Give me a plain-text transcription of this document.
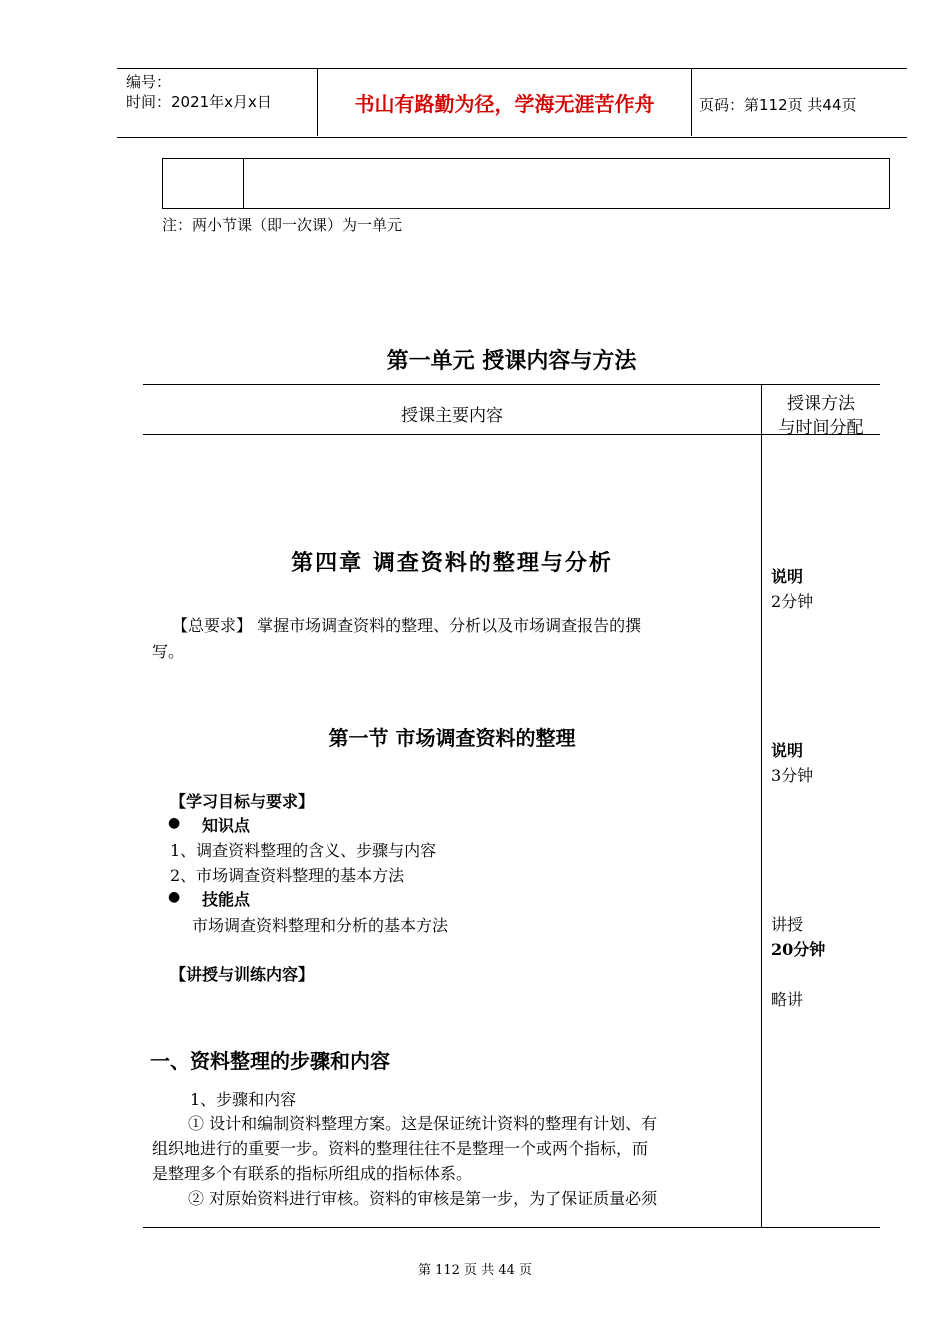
编号：
时间：2021年x月x日	书山有路勤为径，学海无涯苦作舟	页码：第112页 共44页
注：两小节课（即一次课）为一单元
第一单元 授课内容与方法
授课主要内容
授课方法
与时间分配
第四章 调查资料的整理与分析
【总要求】 掌握市场调查资料的整理、分析以及市场调查报告的撰
写。
第一节 市场调查资料的整理
【学习目标与要求】
● 知识点
1、调查资料整理的含义、步骤与内容
2、市场调查资料整理的基本方法
● 技能点
市场调查资料整理和分析的基本方法
【讲授与训练内容】
一、资料整理的步骤和内容
1、步骤和内容
① 设计和编制资料整理方案。这是保证统计资料的整理有计划、有
组织地进行的重要一步。资料的整理往往不是整理一个或两个指标，而
是整理多个有联系的指标所组成的指标体系。
② 对原始资料进行审核。资料的审核是第一步，为了保证质量必须
说明
2分钟
说明
3分钟
讲授
20分钟
略讲
第 112 页 共 44 页
